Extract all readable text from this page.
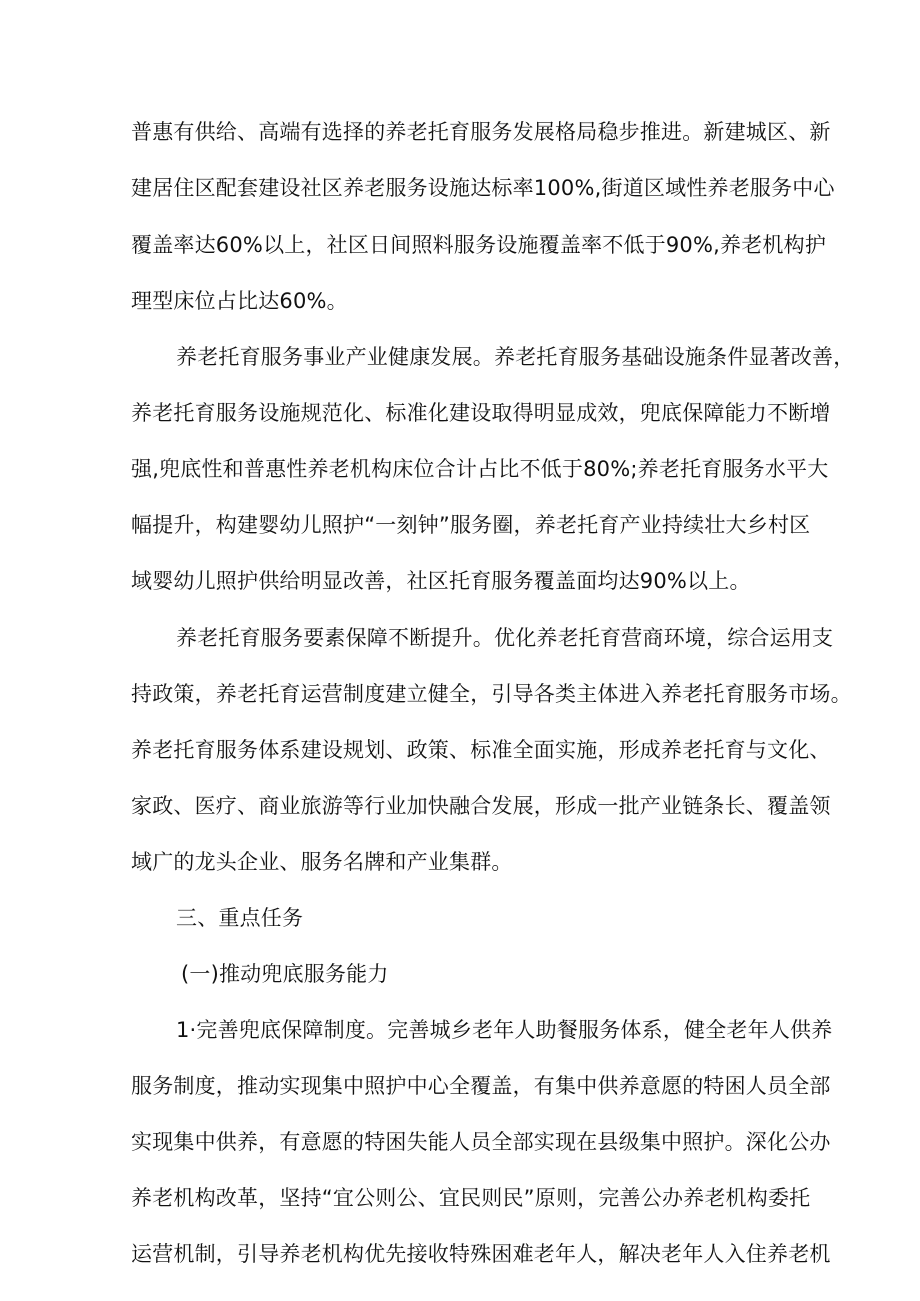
普惠有供给、高端有选择的养老托育服务发展格局稳步推进。新建城区、新
建居住区配套建设社区养老服务设施达标率100%,街道区域性养老服务中心
覆盖率达60%以上，社区日间照料服务设施覆盖率不低于90%,养老机构护
理型床位占比达60%。
养老托育服务事业产业健康发展。养老托育服务基础设施条件显著改善，
养老托育服务设施规范化、标准化建设取得明显成效，兜底保障能力不断增
强,兜底性和普惠性养老机构床位合计占比不低于80%;养老托育服务水平大
幅提升，构建婴幼儿照护“一刻钟”服务圈，养老托育产业持续壮大乡村区
域婴幼儿照护供给明显改善，社区托育服务覆盖面均达90%以上。
养老托育服务要素保障不断提升。优化养老托育营商环境，综合运用支
持政策，养老托育运营制度建立健全，引导各类主体进入养老托育服务市场。
养老托育服务体系建设规划、政策、标准全面实施，形成养老托育与文化、
家政、医疗、商业旅游等行业加快融合发展，形成一批产业链条长、覆盖领
域广的龙头企业、服务名牌和产业集群。
三、重点任务
(一)推动兜底服务能力
1·完善兜底保障制度。完善城乡老年人助餐服务体系，健全老年人供养
服务制度，推动实现集中照护中心全覆盖，有集中供养意愿的特困人员全部
实现集中供养，有意愿的特困失能人员全部实现在县级集中照护。深化公办
养老机构改革，坚持“宜公则公、宜民则民”原则，完善公办养老机构委托
运营机制，引导养老机构优先接收特殊困难老年人，解决老年人入住养老机
